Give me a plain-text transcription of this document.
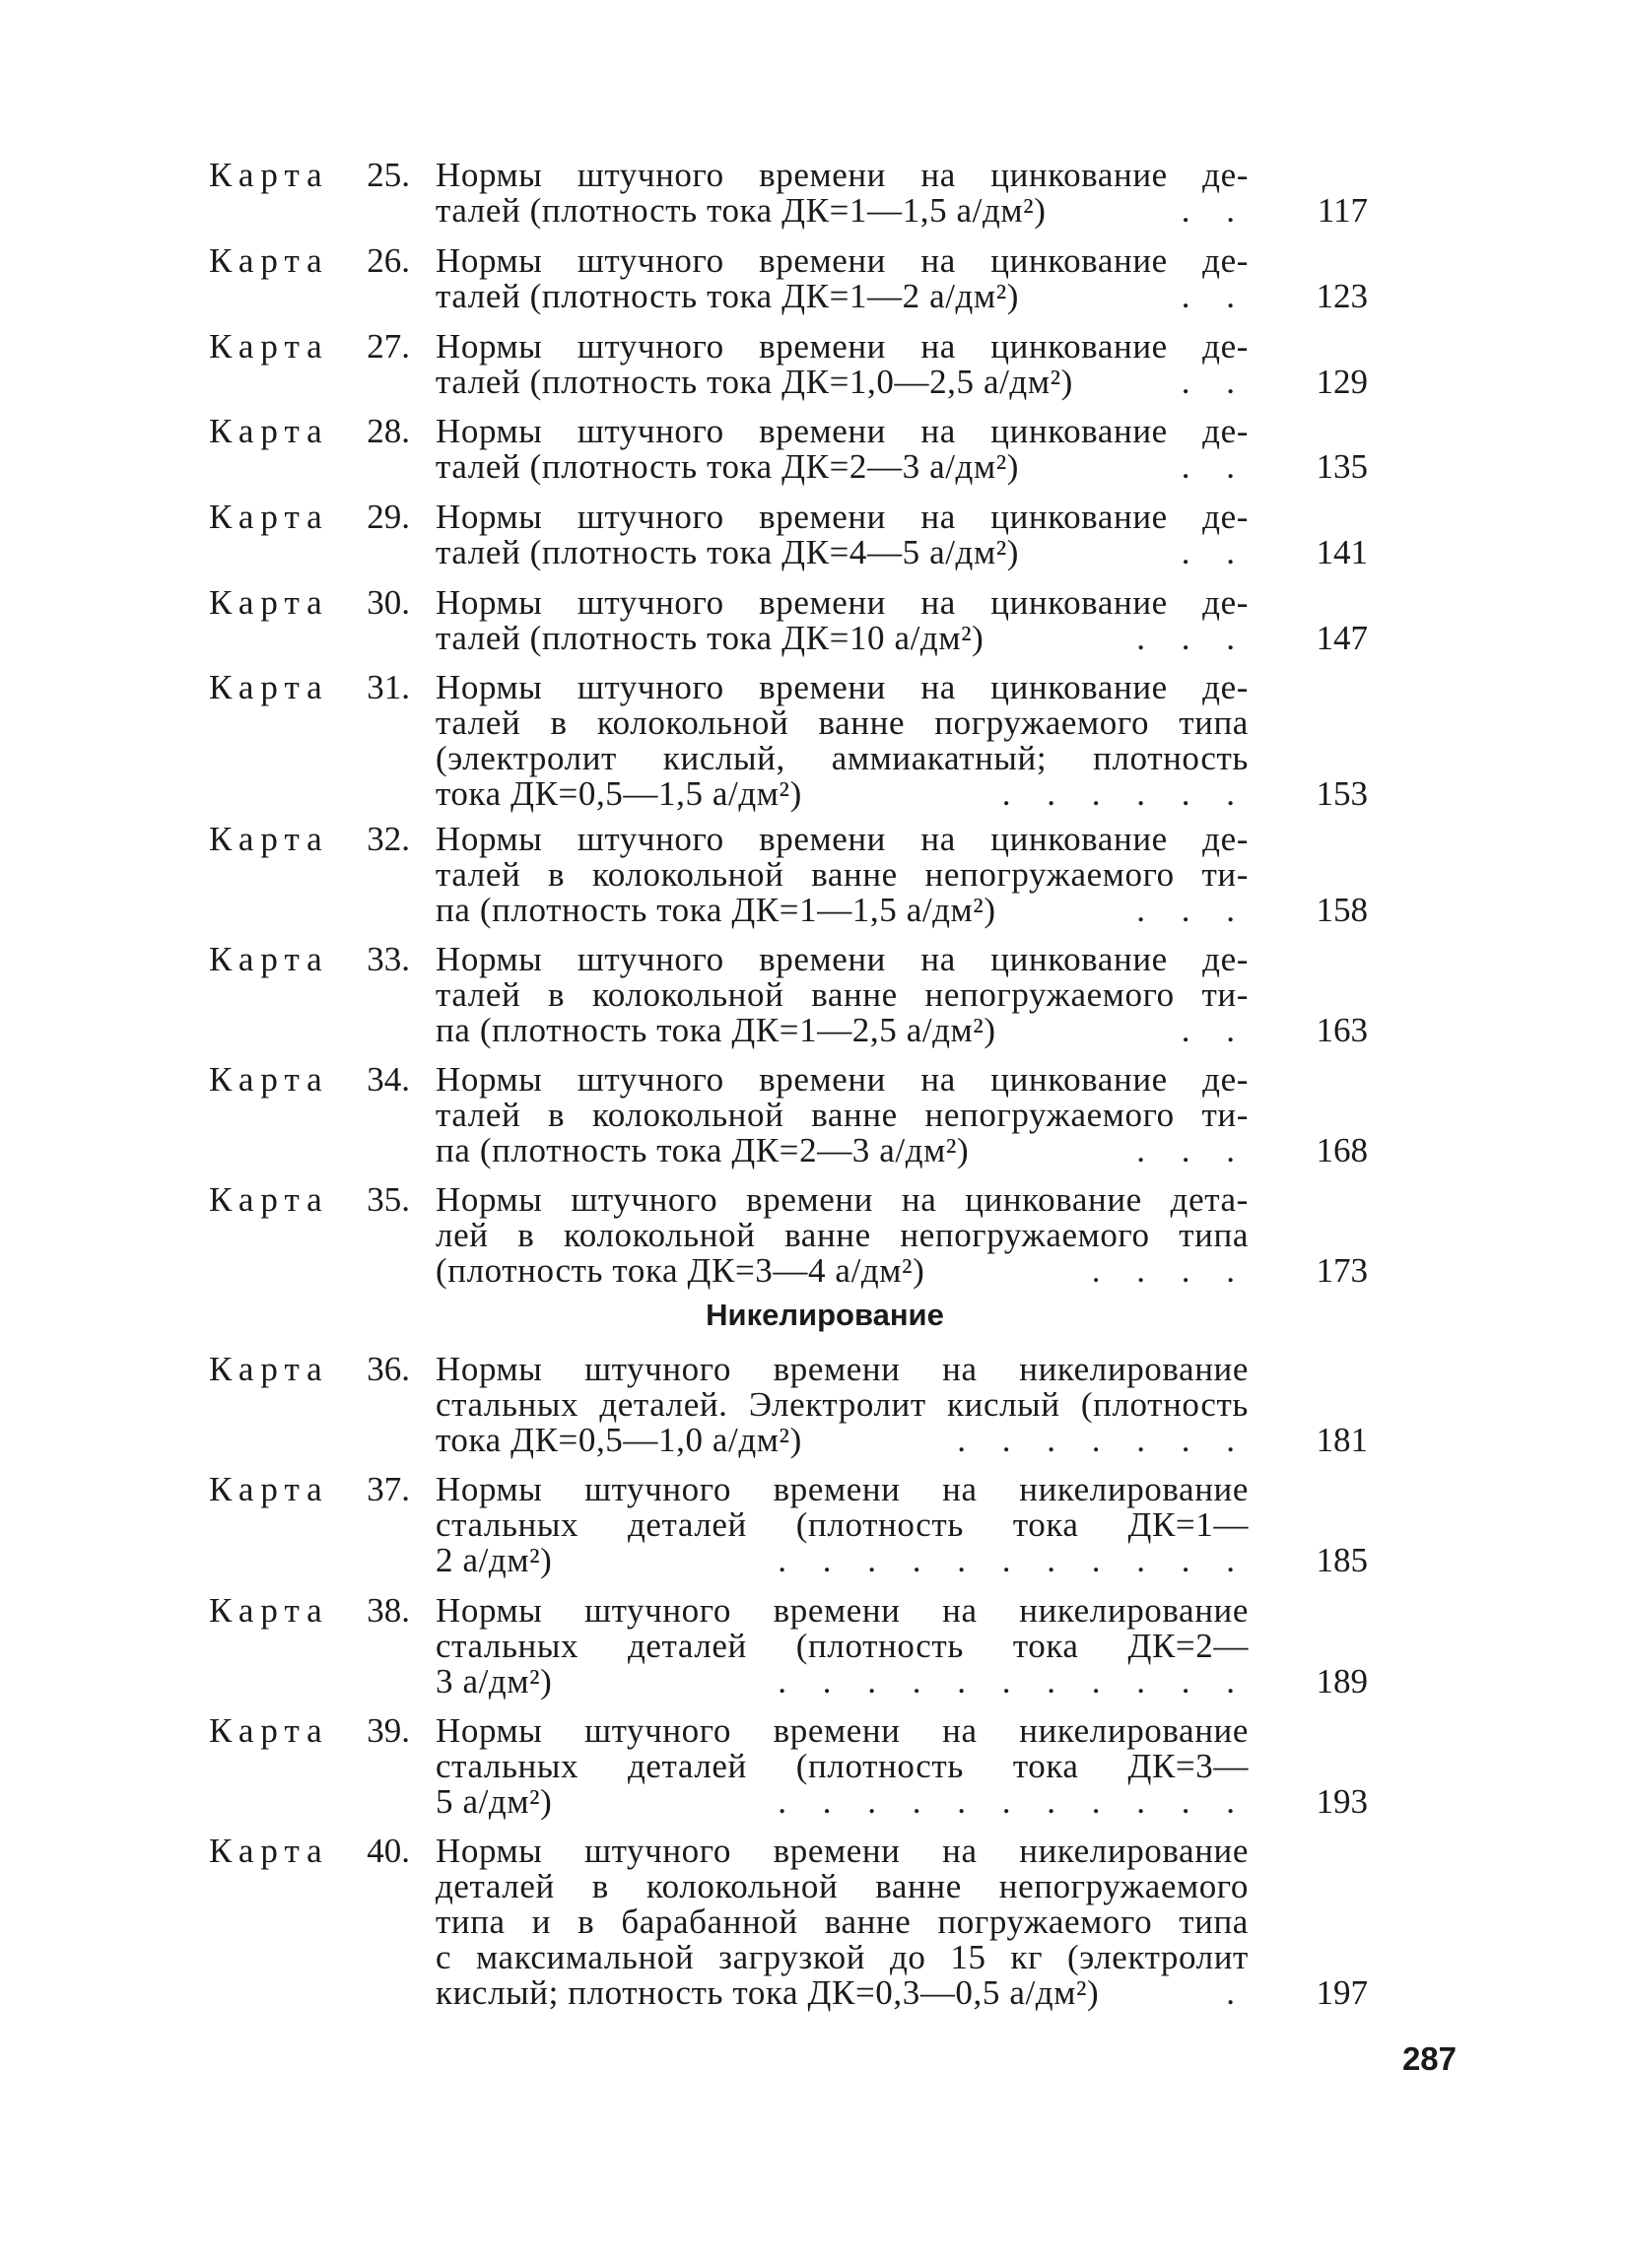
Карта	25. Нормы штучного времени на цинкование де-
талей (плотность тока ДК=1—1,5 а/дм²)	. . 117
Карта	26. Нормы штучного времени на цинкование де-
талей (плотность тока ДК=1—2 а/дм²)	. . 123
Карта	27. Нормы штучного времени на цинкование де-
талей (плотность тока ДК=1,0—2,5 а/дм²)	. . 129
Карта	28. Нормы штучного времени на цинкование де-
талей (плотность тока ДК=2—3 а/дм²)	. . 135
Карта	29. Нормы штучного времени на цинкование де-
талей (плотность тока ДК=4—5 а/дм²)	. . 141
Карта	30. Нормы штучного времени на цинкование де-
талей (плотность тока ДК=10 а/дм²)	. . . 147
Карта	31. Нормы штучного времени на цинкование де-
талей в колокольной ванне погружаемого типа
(электролит кислый, аммиакатный; плотность
тока ДК=0,5—1,5 а/дм²)	. . . . . . 153
Карта	32. Нормы штучного времени на цинкование де-
талей в колокольной ванне непогружаемого ти-
па (плотность тока ДК=1—1,5 а/дм²)	. . . 158
Карта	33. Нормы штучного времени на цинкование де-
талей в колокольной ванне непогружаемого ти-
па (плотность тока ДК=1—2,5 а/дм²)	. . 163
Карта	34. Нормы штучного времени на цинкование де-
талей в колокольной ванне непогружаемого ти-
па (плотность тока ДК=2—3 а/дм²)	. . . 168
Карта	35. Нормы штучного времени на цинкование дета-
лей в колокольной ванне непогружаемого типа
(плотность тока ДК=3—4 а/дм²)	. . . . 173
Карта	36. Нормы штучного времени на никелирование
стальных деталей. Электролит кислый (плотность
тока ДК=0,5—1,0 а/дм²)	. . . . . . . 181
Карта	37. Нормы штучного времени на никелирование
стальных деталей (плотность тока ДК=1—
2 а/дм²)	. . . . . . . . . . . 185
Карта	38. Нормы штучного времени на никелирование
стальных деталей (плотность тока ДК=2—
3 а/дм²)	. . . . . . . . . . . 189
Карта	39. Нормы штучного времени на никелирование
стальных деталей (плотность тока ДК=3—
5 а/дм²)	. . . . . . . . . . . 193
Карта	40. Нормы штучного времени на никелирование
деталей в колокольной ванне непогружаемого
типа и в барабанной ванне погружаемого типа
с максимальной загрузкой до 15 кг (электролит
кислый; плотность тока ДК=0,3—0,5 а/дм²)	. 197
Никелирование
287
